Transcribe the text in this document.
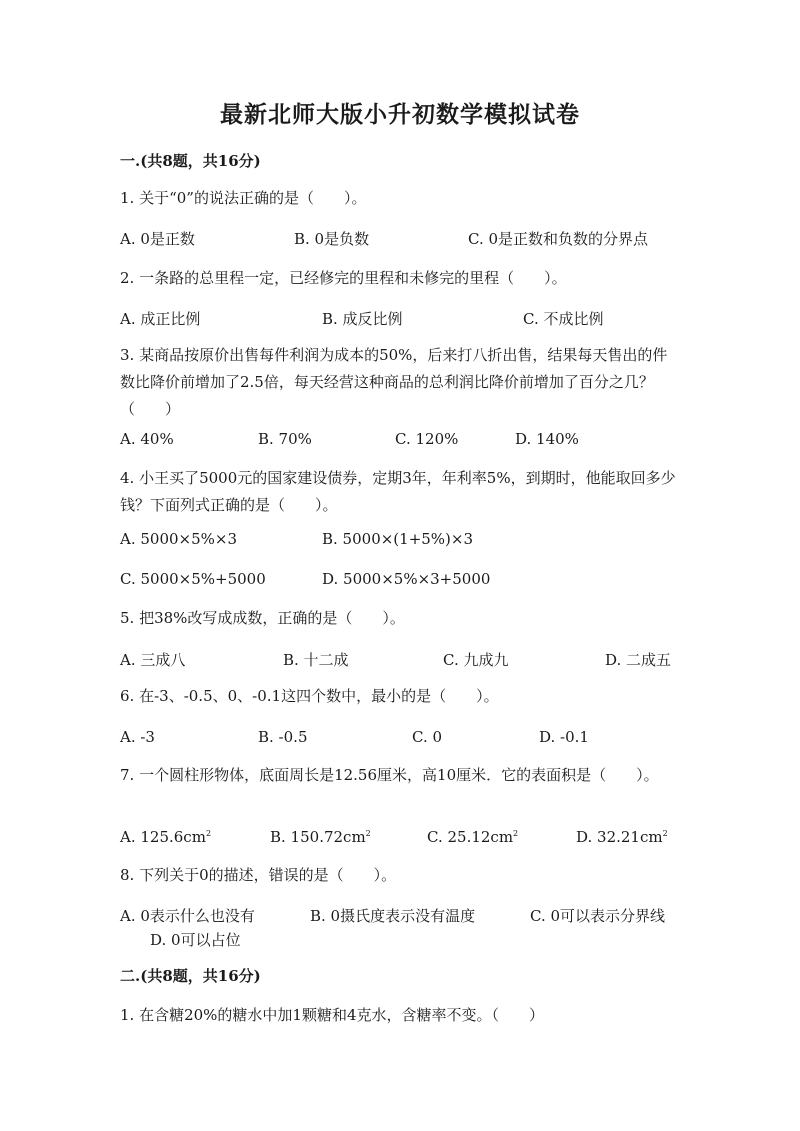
最新北师大版小升初数学模拟试卷
一.(共8题，共16分)
1. 关于“0”的说法正确的是（　　）。
A. 0是正数	B. 0是负数	C. 0是正数和负数的分界点
2. 一条路的总里程一定，已经修完的里程和未修完的里程（　　）。
A. 成正比例	B. 成反比例	C. 不成比例
3. 某商品按原价出售每件利润为成本的50%，后来打八折出售，结果每天售出的件数比降价前增加了2.5倍，每天经营这种商品的总利润比降价前增加了百分之几？（　　）
A. 40%	B. 70%	C. 120%	D. 140%
4. 小王买了5000元的国家建设债券，定期3年，年利率5%，到期时，他能取回多少钱？下面列式正确的是（　　）。
A. 5000×5%×3	B. 5000×(1+5%)×3
C. 5000×5%+5000	D. 5000×5%×3+5000
5. 把38%改写成成数，正确的是（　　）。
A. 三成八	B. 十二成	C. 九成九	D. 二成五
6. 在-3、-0.5、0、-0.1这四个数中，最小的是（　　）。
A. -3	B. -0.5	C. 0	D. -0.1
7. 一个圆柱形物体，底面周长是12.56厘米，高10厘米．它的表面积是（　　）。
A. $125.6cm^2$	B. $150.72cm^2$	C. $25.12cm^2$	D. $32.21cm^2$
8. 下列关于0的描述，错误的是（　　）。
A. 0表示什么也没有	B. 0摄氏度表示没有温度	C. 0可以表示分界线
D. 0可以占位
二.(共8题，共16分)
1. 在含糖20%的糖水中加1颗糖和4克水，含糖率不变。（　　）
